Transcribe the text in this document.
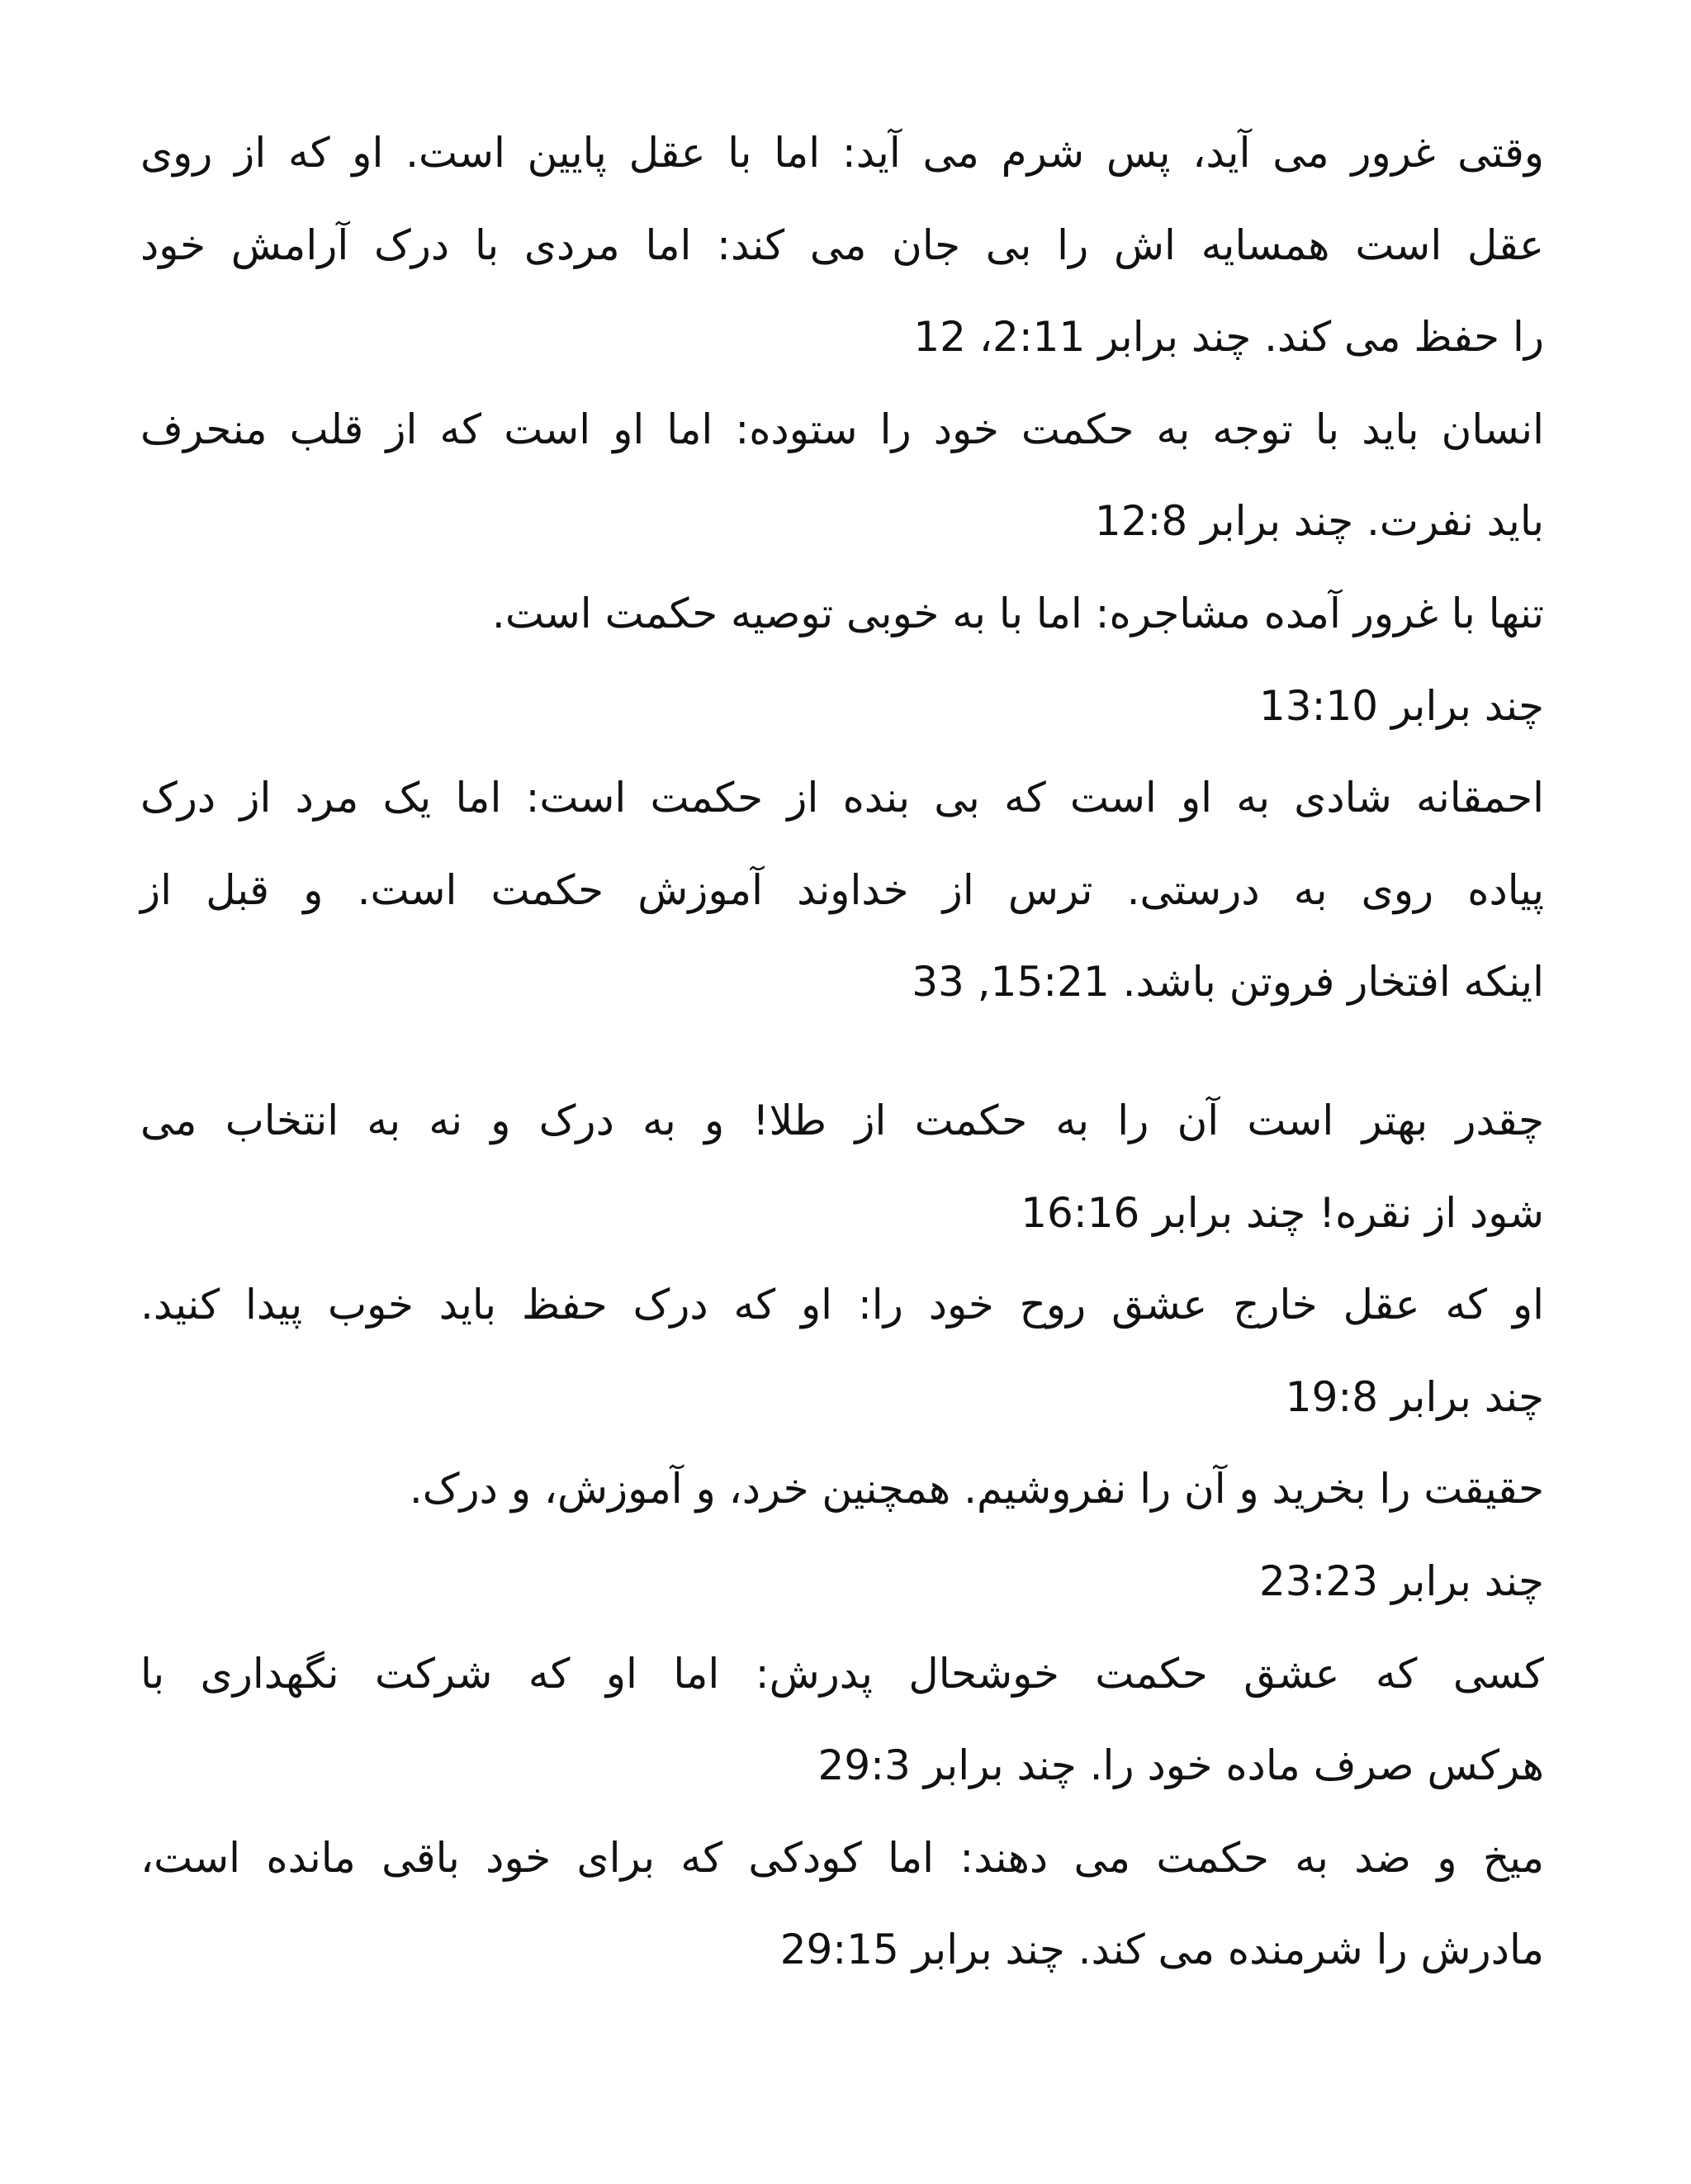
وقتی غرور می آید، پس شرم می آید: اما با عقل پایین است. او که از روی
عقل است همسایه اش را بی جان می کند: اما مردی با درک آرامش خود
را حفظ می کند. چند برابر 2:11، 12
انسان باید با توجه به حکمت خود را ستوده: اما او است که از قلب منحرف
باید نفرت. چند برابر 12:8
تنها با غرور آمده مشاجره: اما با به خوبی توصیه حکمت است.
چند برابر 13:10
احمقانه شادی به او است که بی بنده از حکمت است: اما یک مرد از درک
پیاده روی به درستی. ترس از خداوند آموزش حکمت است. و قبل از
اینکه افتخار فروتن باشد. 15:21, 33
چقدر بهتر است آن را به حکمت از طلا! و به درک و نه به انتخاب می
شود از نقره! چند برابر 16:16
او که عقل خارج عشق روح خود را: او که درک حفظ باید خوب پیدا کنید.
چند برابر 19:8
حقیقت را بخرید و آن را نفروشیم. همچنین خرد، و آموزش، و درک.
چند برابر 23:23
کسی که عشق حکمت خوشحال پدرش: اما او که شرکت نگهداری با
هرکس صرف ماده خود را. چند برابر 29:3
میخ و ضد به حکمت می دهند: اما کودکی که برای خود باقی مانده است،
مادرش را شرمنده می کند. چند برابر 29:15
